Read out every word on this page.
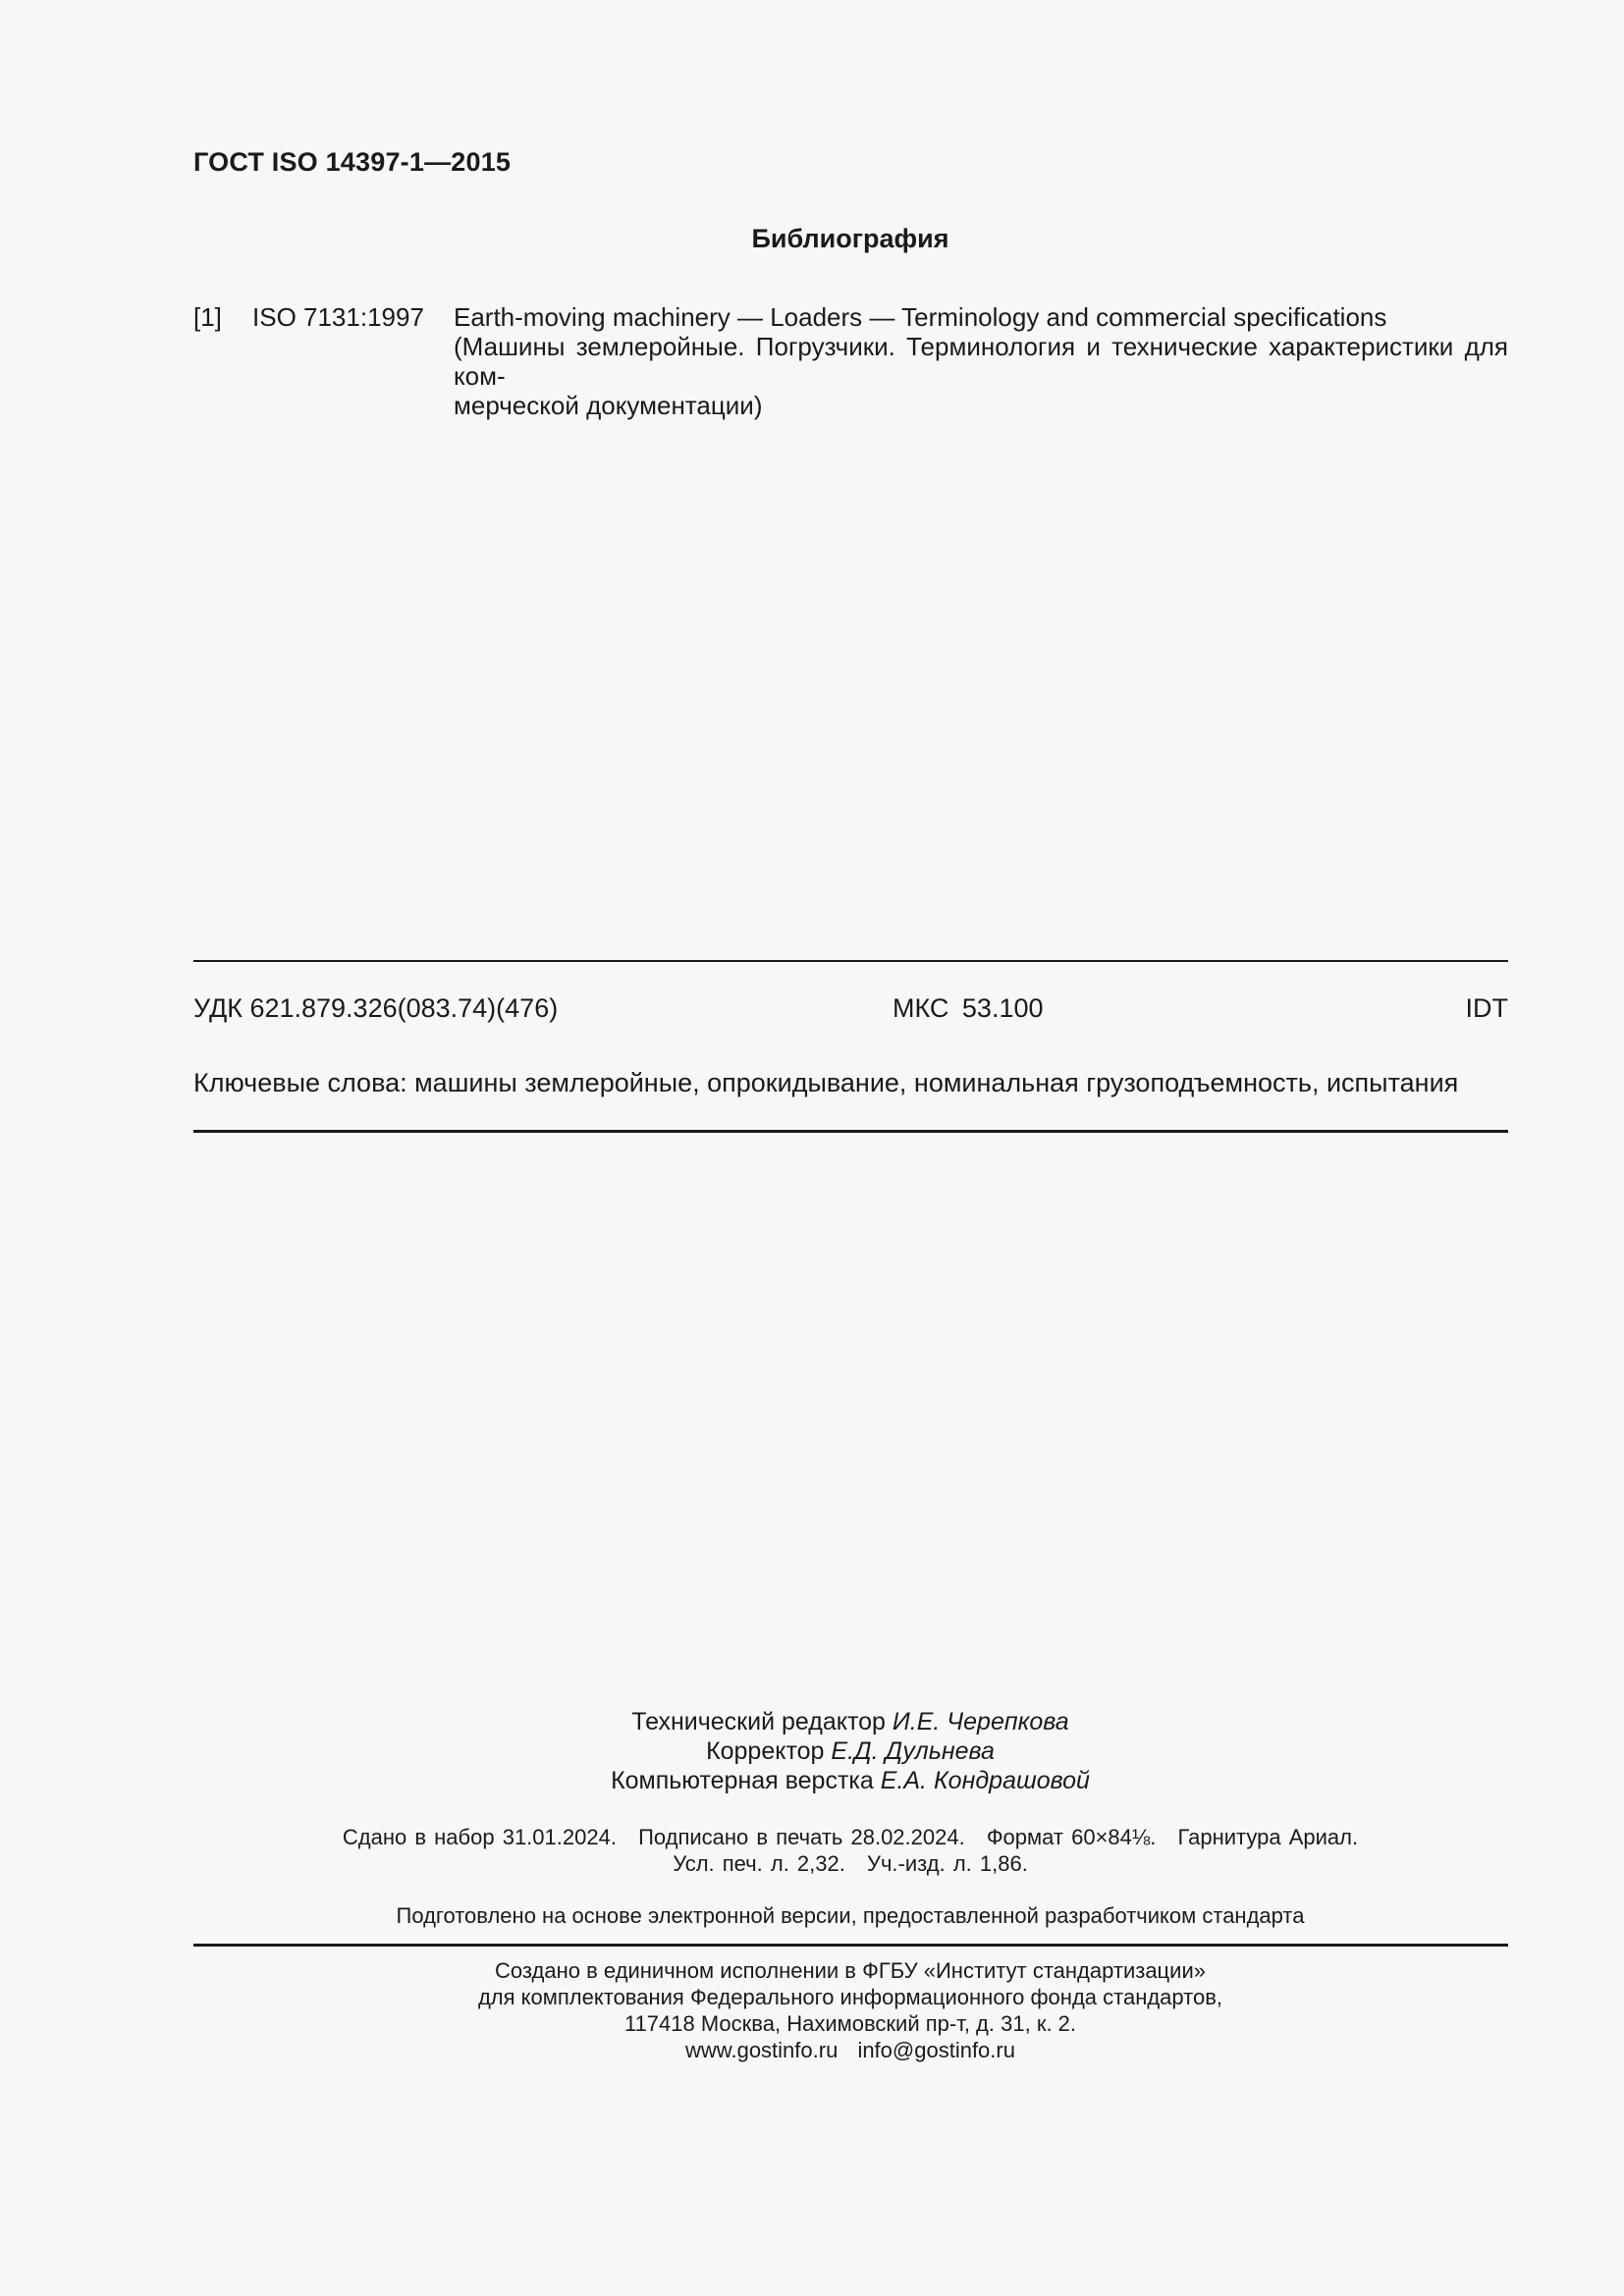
ГОСТ ISO 14397-1—2015
Библиография
[1] ISO 7131:1997 Earth-moving machinery — Loaders — Terminology and commercial specifications
(Машины землеройные. Погрузчики. Терминология и технические характеристики для ком-
мерческой документации)
УДК 621.879.326(083.74)(476)	МКС 53.100	IDT
Ключевые слова: машины землеройные, опрокидывание, номинальная грузоподъемность, испытания
Технический редактор И.Е. Черепкова
Корректор Е.Д. Дульнева
Компьютерная верстка Е.А. Кондрашовой
Сдано в набор 31.01.2024. Подписано в печать 28.02.2024. Формат 60×84⅛. Гарнитура Ариал.
Усл. печ. л. 2,32. Уч.-изд. л. 1,86.
Подготовлено на основе электронной версии, предоставленной разработчиком стандарта
Создано в единичном исполнении в ФГБУ «Институт стандартизации»
для комплектования Федерального информационного фонда стандартов,
117418 Москва, Нахимовский пр-т, д. 31, к. 2.
www.gostinfo.ru info@gostinfo.ru
